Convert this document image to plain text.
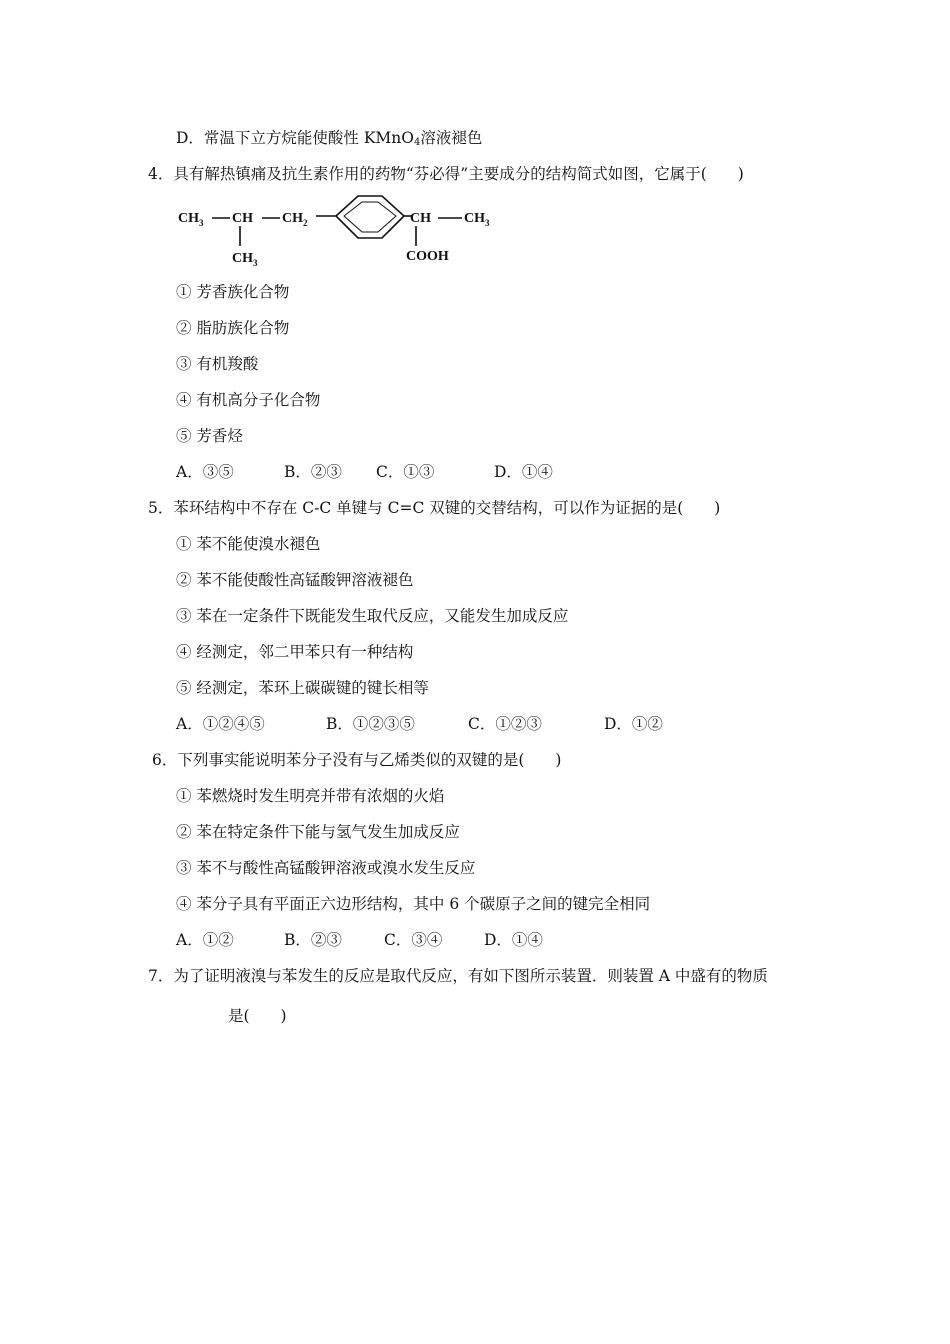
D．常温下立方烷能使酸性 KMnO$_4$溶液褪色
4．具有解热镇痛及抗生素作用的药物“芬必得”主要成分的结构简式如图，它属于(　　)
$CH_3$ CH $CH_2$
$CH_3$
CH $CH_3$
COOH
① 芳香族化合物
② 脂肪族化合物
③ 有机羧酸
④ 有机高分子化合物
⑤ 芳香烃
A．③⑤	B．②③ C．①③	D．①④
5．苯环结构中不存在 C-C 单键与 C=C 双键的交替结构，可以作为证据的是(　　)
① 苯不能使溴水褪色
② 苯不能使酸性高锰酸钾溶液褪色
③ 苯在一定条件下既能发生取代反应，又能发生加成反应
④ 经测定，邻二甲苯只有一种结构
⑤ 经测定，苯环上碳碳键的键长相等
A．①②④⑤	B．①②③⑤	C．①②③	D．①②
6．下列事实能说明苯分子没有与乙烯类似的双键的是(　　)
① 苯燃烧时发生明亮并带有浓烟的火焰
② 苯在特定条件下能与氢气发生加成反应
③ 苯不与酸性高锰酸钾溶液或溴水发生反应
④ 苯分子具有平面正六边形结构，其中 6 个碳原子之间的键完全相同
A．①②	B．②③	C．③④	D．①④
7．为了证明液溴与苯发生的反应是取代反应，有如下图所示装置．则装置 A 中盛有的物质
是(　　)
